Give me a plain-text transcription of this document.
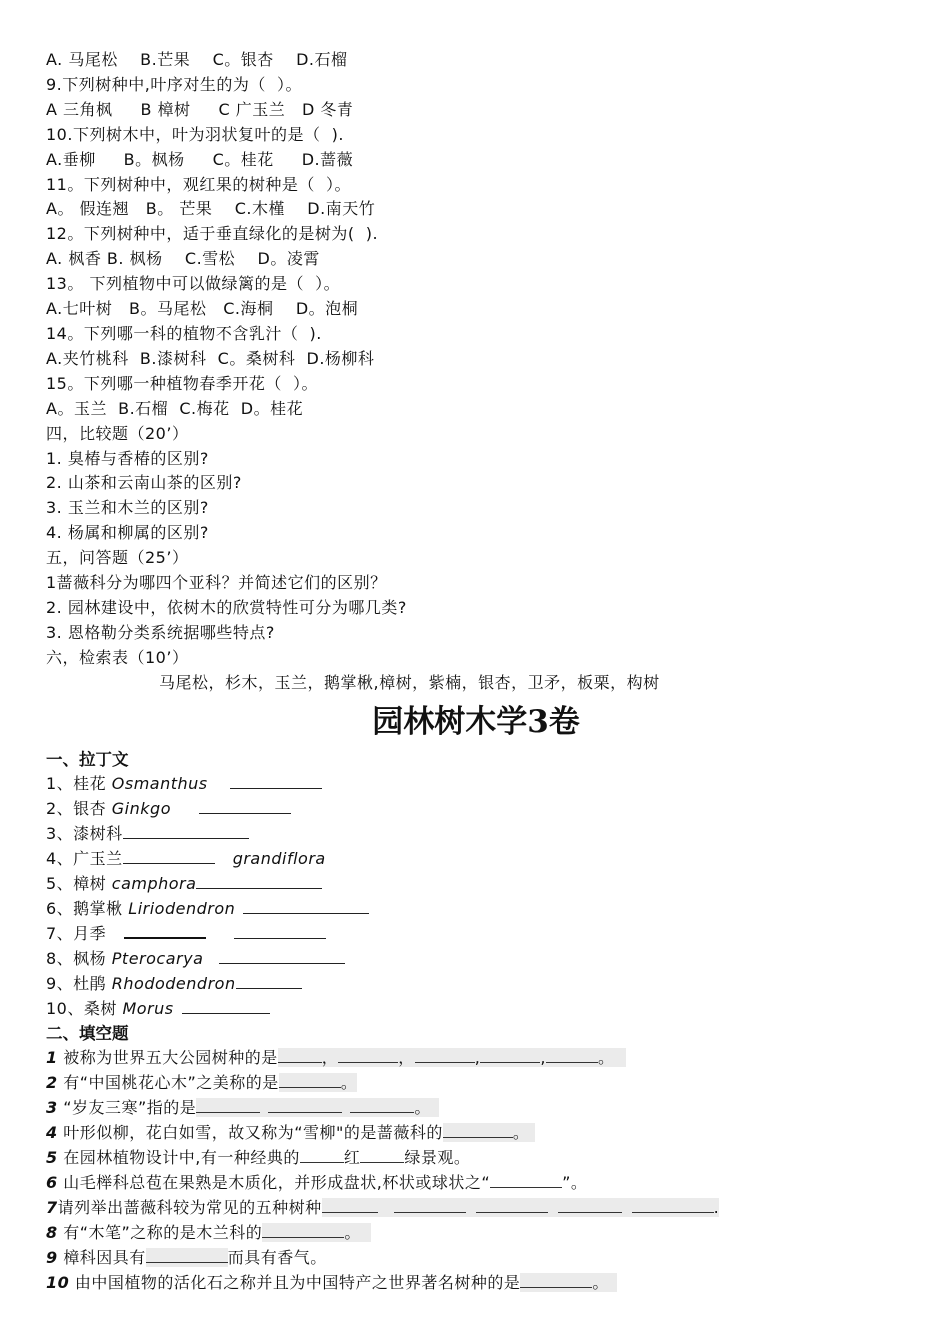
A. 马尾松    B.芒果    C。银杏    D.石榴
9.下列树种中,叶序对生的为（  ）。
A 三角枫     B 樟树     C 广玉兰   D 冬青
10.下列树木中，叶为羽状复叶的是（  ).
A.垂柳     B。枫杨     C。桂花     D.蔷薇
11。下列树种中，观红果的树种是（  ）。
A。 假连翘   B。 芒果    C.木槿    D.南天竹
12。下列树种中，适于垂直绿化的是树为(  ).
A. 枫香 B. 枫杨    C.雪松    D。凌霄
13。 下列植物中可以做绿篱的是（  ）。
A.七叶树   B。马尾松   C.海桐    D。泡桐
14。下列哪一科的植物不含乳汁（  ).
A.夹竹桃科  B.漆树科  C。桑树科  D.杨柳科
15。下列哪一种植物春季开花（  ）。
A。玉兰  B.石榴  C.梅花  D。桂花
四，比较题（20’）
1. 臭椿与香椿的区别?
2. 山茶和云南山茶的区别?
3. 玉兰和木兰的区别?
4. 杨属和柳属的区别?
五，问答题（25’）
1蔷薇科分为哪四个亚科？并简述它们的区别？
2. 园林建设中，依树木的欣赏特性可分为哪几类?
3. 恩格勒分类系统据哪些特点?
六，检索表（10’）
马尾松，杉木，玉兰，鹅掌楸,樟树，紫楠，银杏，卫矛，板栗，构树
园林树木学3卷
一、拉丁文
1、桂花 Osmanthus
2、银杏 Ginkgo
3、漆树科
4、广玉兰	grandiflora
5、樟树 camphora
6、鹅掌楸 Liriodendron
7、月季
8、枫杨 Pterocarya
9、杜鹃 Rhododendron
10、桑树 Morus
二、填空题
1 被称为世界五大公园树种的是	，	，	,	,	。
2 有“中国桃花心木”之美称的是	。
3 “岁友三寒”指的是	。
4 叶形似柳，花白如雪，故又称为“雪柳"的是蔷薇科的	。
5 在园林植物设计中,有一种经典的	红	绿景观。
6 山毛榉科总苞在果熟是木质化，并形成盘状,杯状或球状之“	”。
7请列举出蔷薇科较为常见的五种树种	.
8 有“木笔”之称的是木兰科的	。
9 樟科因具有	而具有香气。
10 由中国植物的活化石之称并且为中国特产之世界著名树种的是	。
